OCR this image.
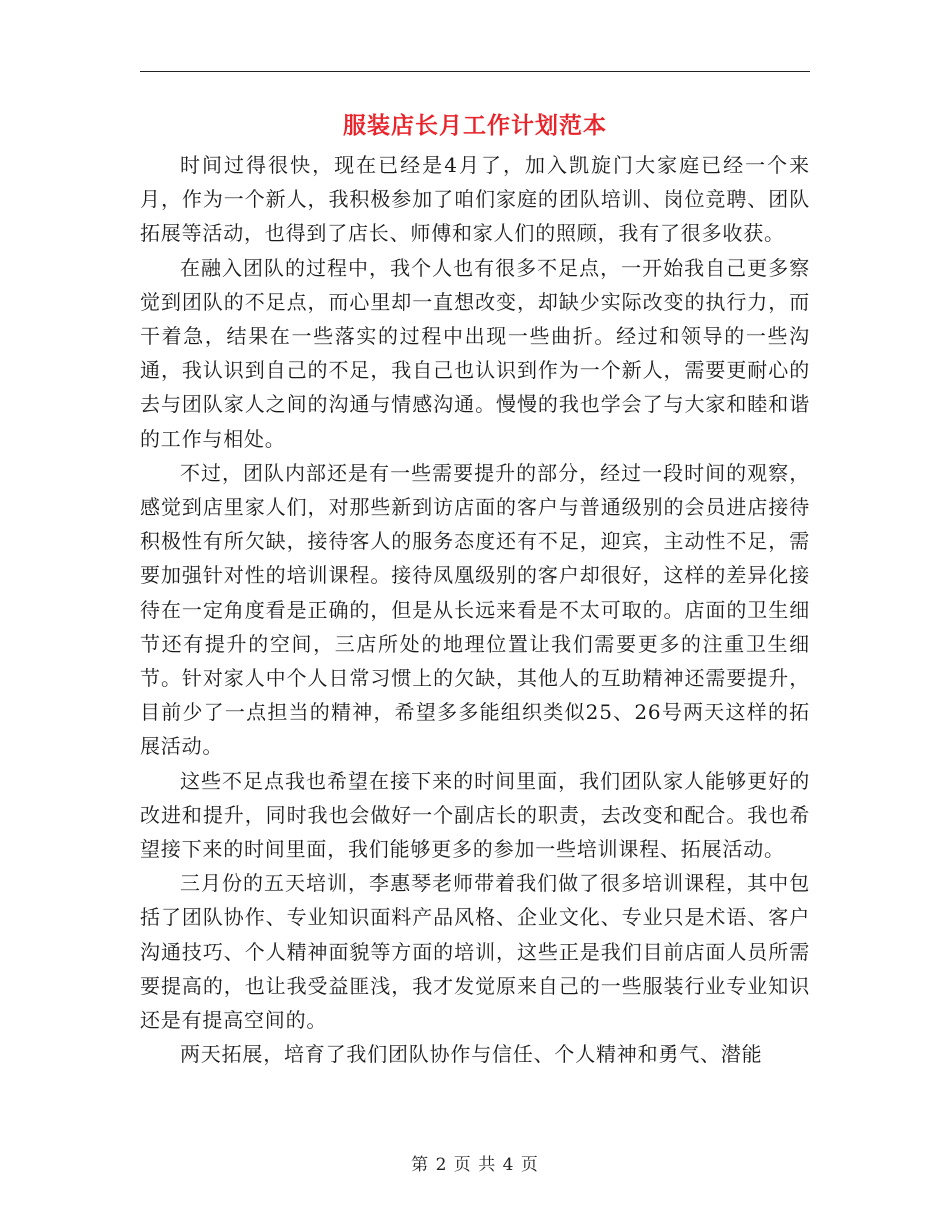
服装店长月工作计划范本

时间过得很快，现在已经是4月了，加入凯旋门大家庭已经一个来月，作为一个新人，我积极参加了咱们家庭的团队培训、岗位竞聘、团队拓展等活动，也得到了店长、师傅和家人们的照顾，我有了很多收获。

在融入团队的过程中，我个人也有很多不足点，一开始我自己更多察觉到团队的不足点，而心里却一直想改变，却缺少实际改变的执行力，而干着急，结果在一些落实的过程中出现一些曲折。经过和领导的一些沟通，我认识到自己的不足，我自己也认识到作为一个新人，需要更耐心的去与团队家人之间的沟通与情感沟通。慢慢的我也学会了与大家和睦和谐的工作与相处。

不过，团队内部还是有一些需要提升的部分，经过一段时间的观察，感觉到店里家人们，对那些新到访店面的客户与普通级别的会员进店接待积极性有所欠缺，接待客人的服务态度还有不足，迎宾，主动性不足，需要加强针对性的培训课程。接待凤凰级别的客户却很好，这样的差异化接待在一定角度看是正确的，但是从长远来看是不太可取的。店面的卫生细节还有提升的空间，三店所处的地理位置让我们需要更多的注重卫生细节。针对家人中个人日常习惯上的欠缺，其他人的互助精神还需要提升，目前少了一点担当的精神，希望多多能组织类似25、26号两天这样的拓展活动。

这些不足点我也希望在接下来的时间里面，我们团队家人能够更好的改进和提升，同时我也会做好一个副店长的职责，去改变和配合。我也希望接下来的时间里面，我们能够更多的参加一些培训课程、拓展活动。

三月份的五天培训，李惠琴老师带着我们做了很多培训课程，其中包括了团队协作、专业知识面料产品风格、企业文化、专业只是术语、客户沟通技巧、个人精神面貌等方面的培训，这些正是我们目前店面人员所需要提高的，也让我受益匪浅，我才发觉原来自己的一些服装行业专业知识还是有提高空间的。

两天拓展，培育了我们团队协作与信任、个人精神和勇气、潜能

第 2 页 共 4 页
